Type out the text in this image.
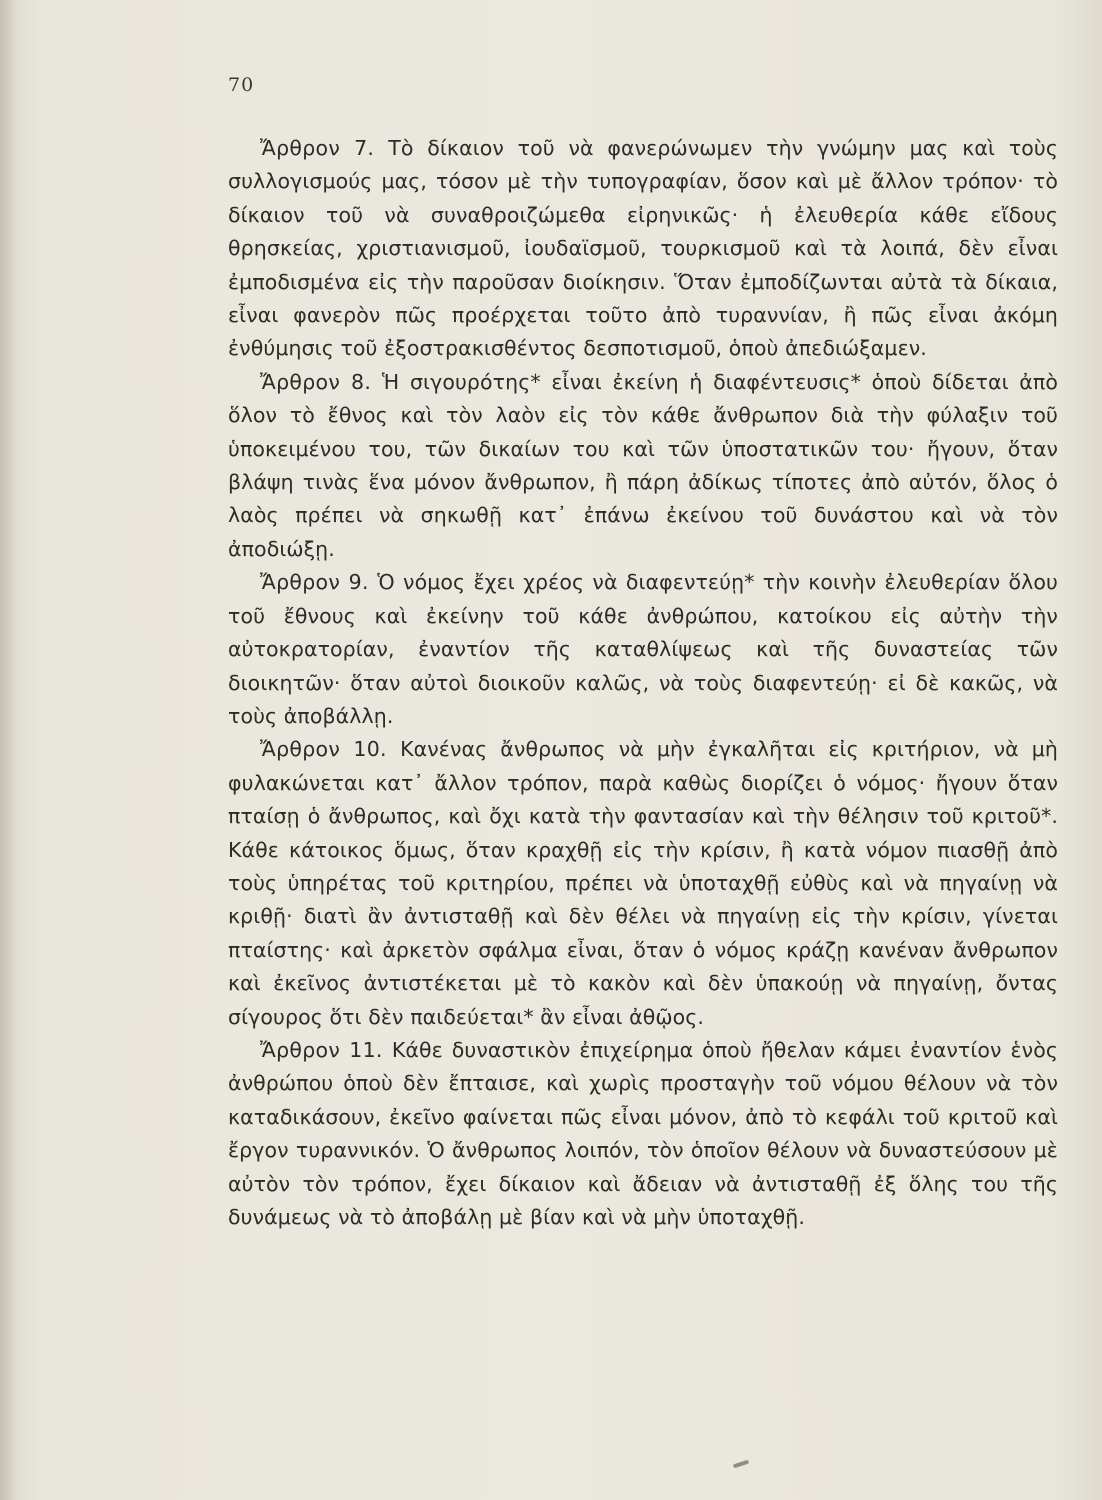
70

Ἄρθρον 7. Τὸ δίκαιον τοῦ νὰ φανερώνωμεν τὴν γνώμην μας καὶ τοὺς συλλογισμούς μας, τόσον μὲ τὴν τυπογραφίαν, ὅσον καὶ μὲ ἄλλον τρόπον· τὸ δίκαιον τοῦ νὰ συναθροιζώμεθα εἰρηνικῶς· ἡ ἐλευθερία κάθε εἴδους θρησκείας, χριστιανισμοῦ, ἰουδαϊσμοῦ, τουρκισμοῦ καὶ τὰ λοιπά, δὲν εἶναι ἐμποδισμένα εἰς τὴν παροῦσαν διοίκησιν. Ὅταν ἐμποδίζωνται αὐτὰ τὰ δίκαια, εἶναι φανερὸν πῶς προέρχεται τοῦτο ἀπὸ τυραννίαν, ἢ πῶς εἶναι ἀκόμη ἐνθύμησις τοῦ ἐξοστρακισθέντος δεσποτισμοῦ, ὁποὺ ἀπεδιώξαμεν.

Ἄρθρον 8. Ἡ σιγουρότης* εἶναι ἐκείνη ἡ διαφέντευσις* ὁποὺ δίδεται ἀπὸ ὅλον τὸ ἔθνος καὶ τὸν λαὸν εἰς τὸν κάθε ἄνθρωπον διὰ τὴν φύλαξιν τοῦ ὑποκειμένου του, τῶν δικαίων του καὶ τῶν ὑποστατικῶν του· ἤγουν, ὅταν βλάψη τινὰς ἕνα μόνον ἄνθρωπον, ἢ πάρη ἀδίκως τίποτες ἀπὸ αὐτόν, ὅλος ὁ λαὸς πρέπει νὰ σηκωθῇ κατ᾿ ἐπάνω ἐκείνου τοῦ δυνάστου καὶ νὰ τὸν ἀποδιώξῃ.

Ἄρθρον 9. Ὁ νόμος ἔχει χρέος νὰ διαφεντεύῃ* τὴν κοινὴν ἐλευθερίαν ὅλου τοῦ ἔθνους καὶ ἐκείνην τοῦ κάθε ἀνθρώπου, κατοίκου εἰς αὐτὴν τὴν αὐτοκρατορίαν, ἐναντίον τῆς καταθλίψεως καὶ τῆς δυναστείας τῶν διοικητῶν· ὅταν αὐτοὶ διοικοῦν καλῶς, νὰ τοὺς διαφεντεύῃ· εἰ δὲ κακῶς, νὰ τοὺς ἀποβάλλῃ.

Ἄρθρον 10. Κανένας ἄνθρωπος νὰ μὴν ἐγκαλῆται εἰς κριτήριον, νὰ μὴ φυλακώνεται κατ᾿ ἄλλον τρόπον, παρὰ καθὼς διορίζει ὁ νόμος· ἤγουν ὅταν πταίσῃ ὁ ἄνθρωπος, καὶ ὄχι κατὰ τὴν φαντασίαν καὶ τὴν θέλησιν τοῦ κριτοῦ*. Κάθε κάτοικος ὅμως, ὅταν κραχθῇ εἰς τὴν κρίσιν, ἢ κατὰ νόμον πιασθῇ ἀπὸ τοὺς ὑπηρέτας τοῦ κριτηρίου, πρέπει νὰ ὑποταχθῇ εὐθὺς καὶ νὰ πηγαίνῃ νὰ κριθῇ· διατὶ ἂν ἀντισταθῇ καὶ δὲν θέλει νὰ πηγαίνῃ εἰς τὴν κρίσιν, γίνεται πταίστης· καὶ ἀρκετὸν σφάλμα εἶναι, ὅταν ὁ νόμος κράζῃ κανέναν ἄνθρωπον καὶ ἐκεῖνος ἀντιστέκεται μὲ τὸ κακὸν καὶ δὲν ὑπακούῃ νὰ πηγαίνῃ, ὄντας σίγουρος ὅτι δὲν παιδεύεται* ἂν εἶναι ἀθῷος.

Ἄρθρον 11. Κάθε δυναστικὸν ἐπιχείρημα ὁποὺ ἤθελαν κάμει ἐναντίον ἑνὸς ἀνθρώπου ὁποὺ δὲν ἔπταισε, καὶ χωρὶς προσταγὴν τοῦ νόμου θέλουν νὰ τὸν καταδικάσουν, ἐκεῖνο φαίνεται πῶς εἶναι μόνον, ἀπὸ τὸ κεφάλι τοῦ κριτοῦ καὶ ἔργον τυραννικόν. Ὁ ἄνθρωπος λοιπόν, τὸν ὁποῖον θέλουν νὰ δυναστεύσουν μὲ αὐτὸν τὸν τρόπον, ἔχει δίκαιον καὶ ἄδειαν νὰ ἀντισταθῇ ἐξ ὅλης του τῆς δυνάμεως νὰ τὸ ἀποβάλῃ μὲ βίαν καὶ νὰ μὴν ὑποταχθῇ.
